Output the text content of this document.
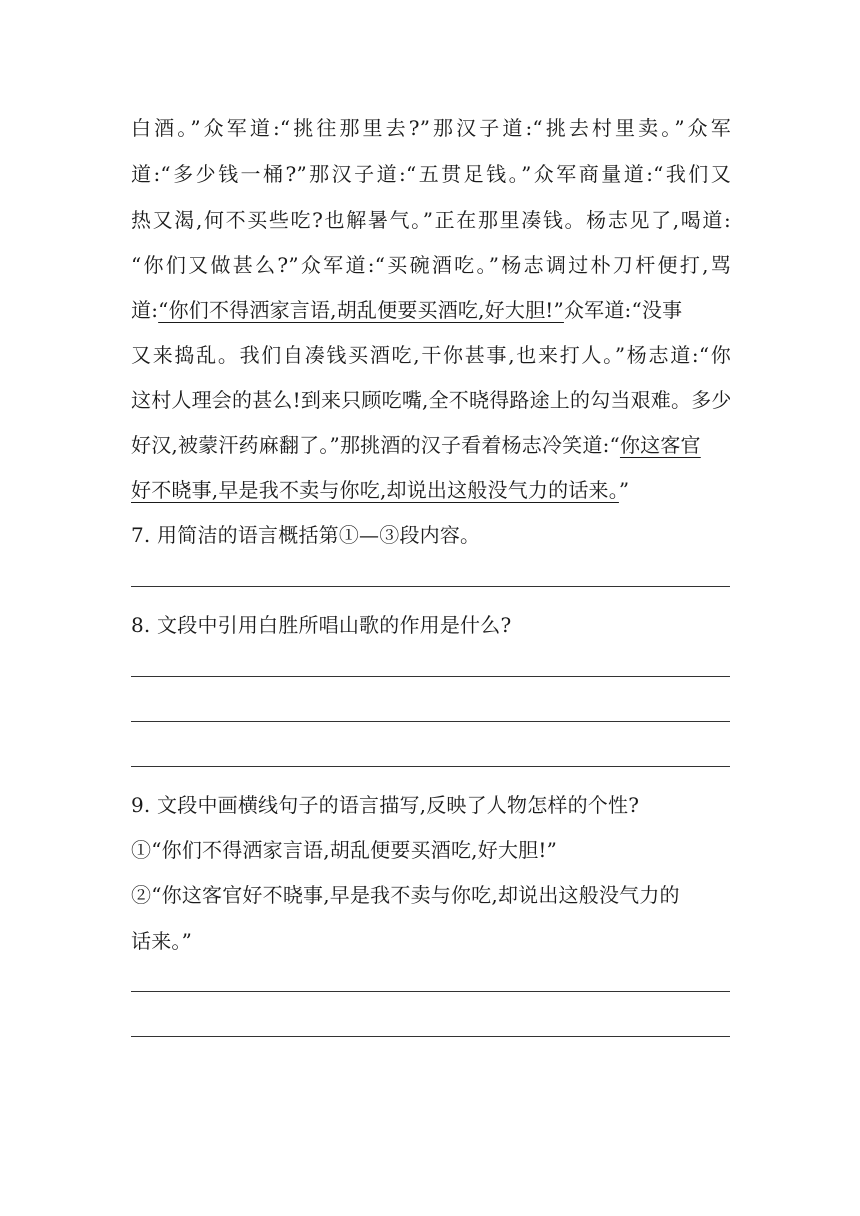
白酒。”众军道:“挑往那里去?”那汉子道:“挑去村里卖。”众军
道:“多少钱一桶?”那汉子道:“五贯足钱。”众军商量道:“我们又
热又渴,何不买些吃?也解暑气。”正在那里凑钱。杨志见了,喝道:
“你们又做甚么?”众军道:“买碗酒吃。”杨志调过朴刀杆便打,骂
道:“你们不得洒家言语,胡乱便要买酒吃,好大胆!”众军道:“没事
又来捣乱。我们自凑钱买酒吃,干你甚事,也来打人。”杨志道:“你
这村人理会的甚么!到来只顾吃嘴,全不晓得路途上的勾当艰难。多少
好汉,被蒙汗药麻翻了。”那挑酒的汉子看着杨志冷笑道:“你这客官
好不晓事,早是我不卖与你吃,却说出这般没气力的话来。”
7. 用简洁的语言概括第①—③段内容。
8. 文段中引用白胜所唱山歌的作用是什么?
9. 文段中画横线句子的语言描写,反映了人物怎样的个性?
①“你们不得洒家言语,胡乱便要买酒吃,好大胆!”
②“你这客官好不晓事,早是我不卖与你吃,却说出这般没气力的
话来。”
